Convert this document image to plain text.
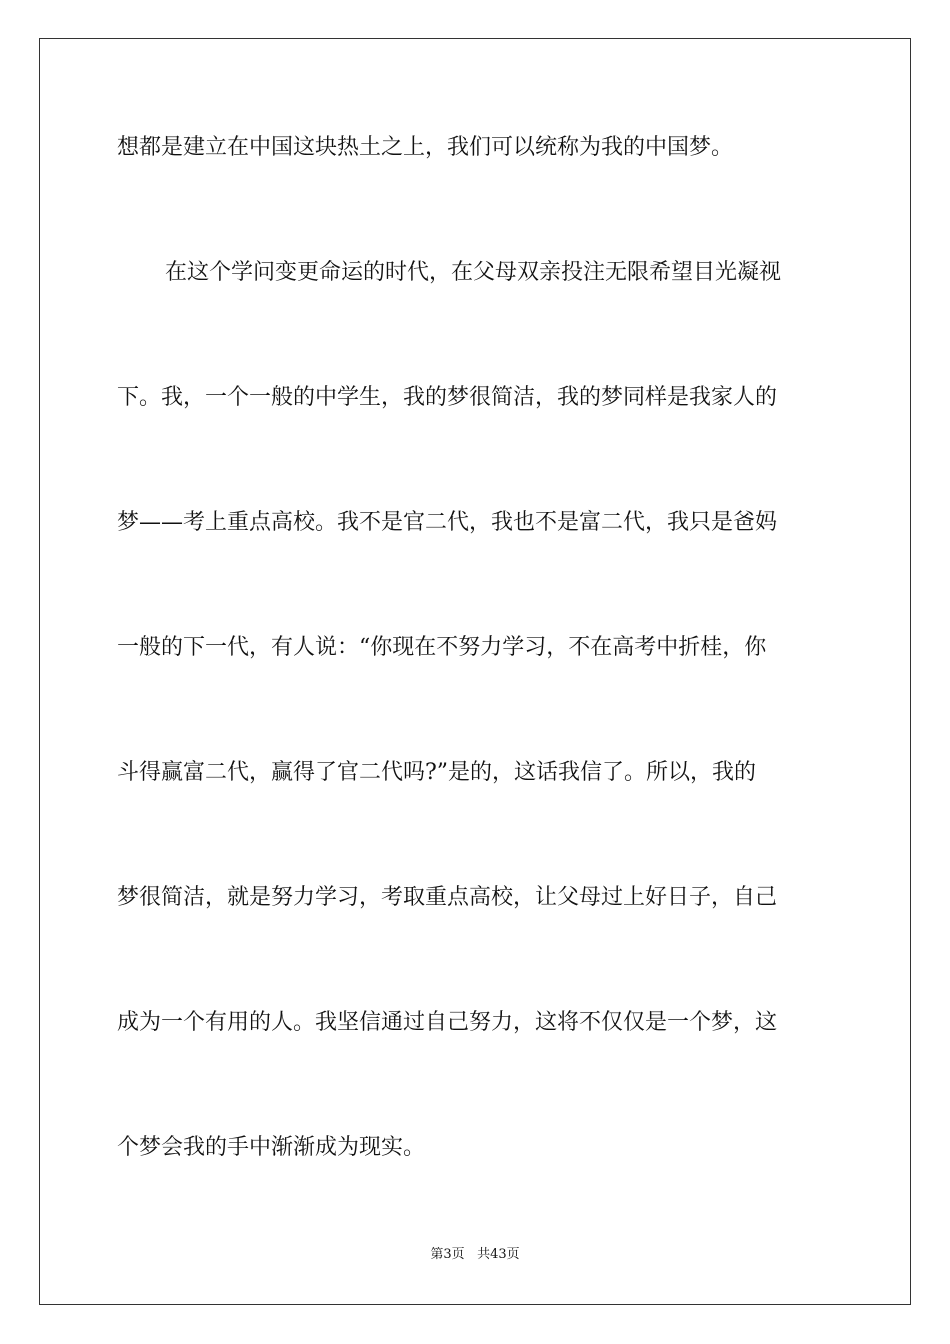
想都是建立在中国这块热土之上，我们可以统称为我的中国梦。
在这个学问变更命运的时代，在父母双亲投注无限希望目光凝视
下。我，一个一般的中学生，我的梦很简洁，我的梦同样是我家人的
梦——考上重点高校。我不是官二代，我也不是富二代，我只是爸妈
一般的下一代，有人说：“你现在不努力学习，不在高考中折桂，你
斗得赢富二代，赢得了官二代吗?”是的，这话我信了。所以，我的
梦很简洁，就是努力学习，考取重点高校，让父母过上好日子，自己
成为一个有用的人。我坚信通过自己努力，这将不仅仅是一个梦，这
个梦会我的手中渐渐成为现实。
第3页 共43页
